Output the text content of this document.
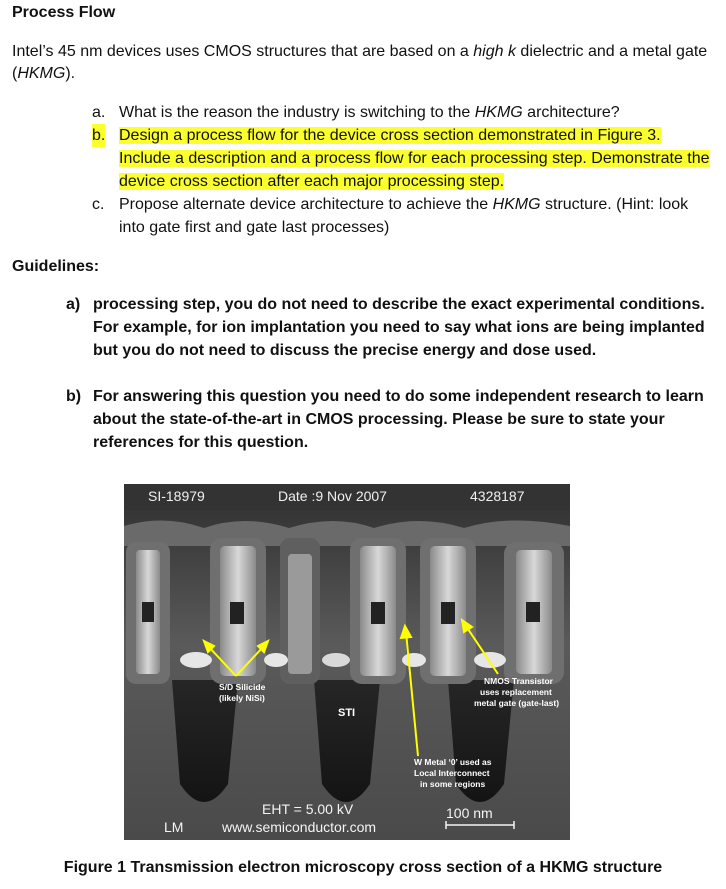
Process Flow
Intel’s 45 nm devices uses CMOS structures that are based on a high k dielectric and a metal gate (HKMG).
a. What is the reason the industry is switching to the HKMG architecture?
b. Design a process flow for the device cross section demonstrated in Figure 3. Include a description and a process flow for each processing step. Demonstrate the device cross section after each major processing step.
c. Propose alternate device architecture to achieve the HKMG structure. (Hint: look into gate first and gate last processes)
Guidelines:
a) processing step, you do not need to describe the exact experimental conditions. For example, for ion implantation you need to say what ions are being implanted but you do not need to discuss the precise energy and dose used.
b) For answering this question you need to do some independent research to learn about the state-of-the-art in CMOS processing. Please be sure to state your references for this question.
SI-18979	Date :9 Nov 2007	4328187
S/D Silicide
(likely NiSi)
STI
NMOS Transistor
uses replacement
metal gate (gate-last)
W Metal ‘0’ used as
Local Interconnect
in some regions
EHT = 5.00 kV
www.semiconductor.com
LM
100 nm
Figure 1 Transmission electron microscopy cross section of a HKMG structure
